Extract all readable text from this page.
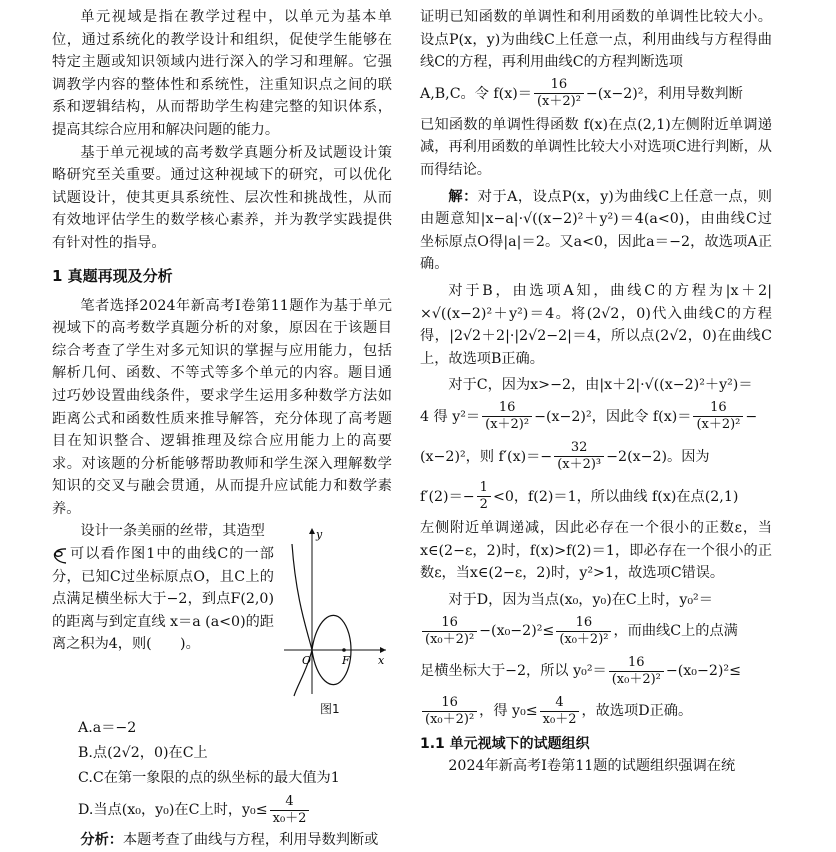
单元视域是指在教学过程中，以单元为基本单位，通过系统化的教学设计和组织，促使学生能够在特定主题或知识领域内进行深入的学习和理解。它强调教学内容的整体性和系统性，注重知识点之间的联系和逻辑结构，从而帮助学生构建完整的知识体系，提高其综合应用和解决问题的能力。

基于单元视域的高考数学真题分析及试题设计策略研究至关重要。通过这种视域下的研究，可以优化试题设计，使其更具系统性、层次性和挑战性，从而有效地评估学生的数学核心素养，并为教学实践提供有针对性的指导。

1 真题再现及分析

笔者选择2024年新高考Ⅰ卷第11题作为基于单元视域下的高考数学真题分析的对象，原因在于该题目综合考查了学生对多元知识的掌握与应用能力，包括解析几何、函数、不等式等多个单元的内容。题目通过巧妙设置曲线条件，要求学生运用多种数学方法如距离公式和函数性质来推导解答，充分体现了高考题目在知识整合、逻辑推理及综合应用能力上的高要求。对该题的分析能够帮助教师和学生深入理解数学知识的交叉与融会贯通，从而提升应试能力和数学素养。

设计一条美丽的丝带，其造型

可以看作图1中的曲线C的一部分，已知C过坐标原点O，且C上的点满足横坐标大于−2，到点F(2,0)的距离与到定直线 x＝a (a<0)的距离之积为4，则(　　)。

y
x
O	F
图1
A.a＝−2
B.点(2√2，0)在C上
C.C在第一象限的点的纵坐标的最大值为1
D.当点(x₀，y₀)在C上时，$y_0\le \frac{4}{\text{x₀＋2}}$

分析：本题考查了曲线与方程，利用导数判断或

证明已知函数的单调性和利用函数的单调性比较大小。设点P(x，y)为曲线C上任意一点，利用曲线与方程得曲线C的方程，再利用曲线C的方程判断选项

A,B,C。令 $f(x)= \frac{16}{\text{(x＋2)²}} -(x-2)^2$，利用导数判断

已知函数的单调性得函数 f(x)在点(2,1)左侧附近单调递减，再利用函数的单调性比较大小对选项C进行判断，从而得结论。

解：对于A，设点P(x，y)为曲线C上任意一点，则由题意知|x−a|·√((x−2)²＋y²)＝4(a<0)，由曲线C过坐标原点O得|a|＝2。又a<0，因此a＝−2，故选项A正确。

对于B，由选项A知，曲线C的方程为|x＋2|×√((x−2)²＋y²)＝4。将(2√2，0)代入曲线C的方程得，|2√2＋2|·|2√2−2|＝4，所以点(2√2，0)在曲线C上，故选项B正确。

对于C，因为x>−2，由|x＋2|·√((x−2)²＋y²)＝

4 得 $y^2= \frac{16}{\text{(x＋2)²}} -(x-2)^2$，因此令 $f(x)= \frac{16}{\text{(x＋2)²}}$ −

(x−2)²，则 $f'(x)=- \frac{32}{\text{(x＋2)³}} -2(x-2)$。因为

$f'(2)=- \frac{1}{2} <0$，f(2)＝1，所以曲线 f(x)在点(2,1)

左侧附近单调递减，因此必存在一个很小的正数ε，当x∈(2−ε，2)时，f(x)>f(2)＝1，即必存在一个很小的正数ε，当x∈(2−ε，2)时，y²>1，故选项C错误。

对于D，因为当点(x₀，y₀)在C上时，y₀²＝

$\frac{16}{\text{(x₀＋2)²}} -(x_0-2)^2\le \frac{16}{\text{(x₀＋2)²}}$ ，而曲线C上的点满

足横坐标大于−2，所以 $y_0^2= \frac{16}{\text{(x₀＋2)²}} -(x_0-2)^2\le$

$\frac{16}{\text{(x₀＋2)²}}$ ，得 $y_0\le \frac{4}{\text{x₀＋2}}$ ，故选项D正确。

1.1 单元视域下的试题组织

2024年新高考Ⅰ卷第11题的试题组织强调在统
